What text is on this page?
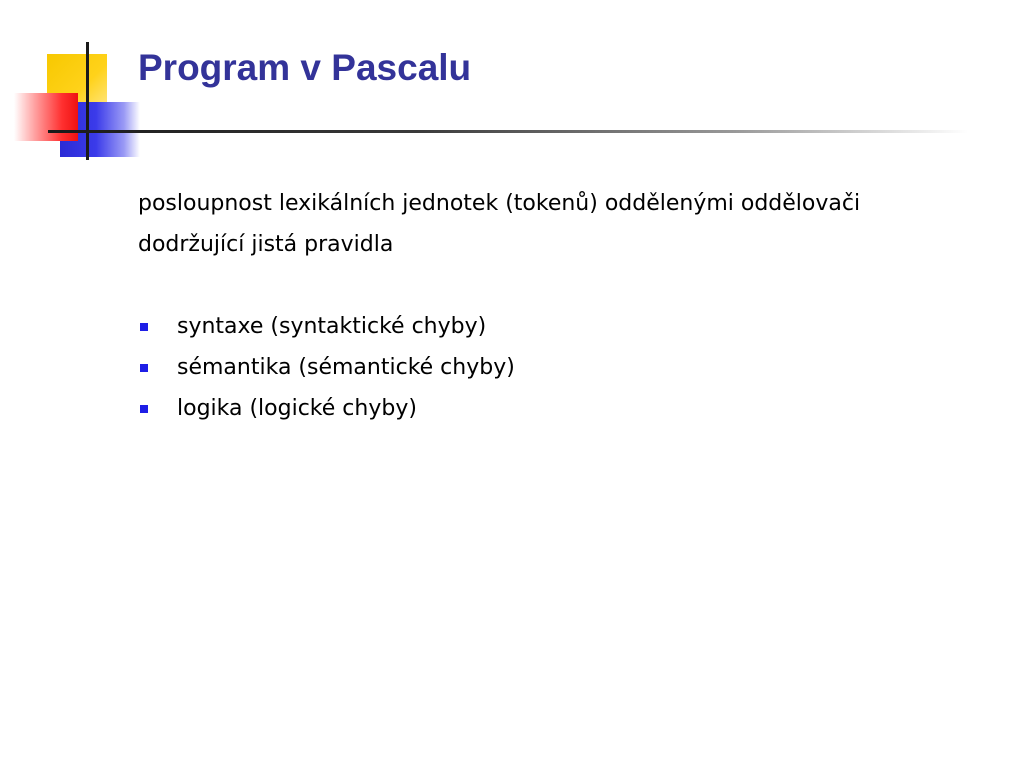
Program v Pascalu

posloupnost lexikálních jednotek (tokenů) oddělenými oddělovači
dodržující jistá pravidla

syntaxe (syntaktické chyby)
sémantika (sémantické chyby)
logika (logické chyby)
